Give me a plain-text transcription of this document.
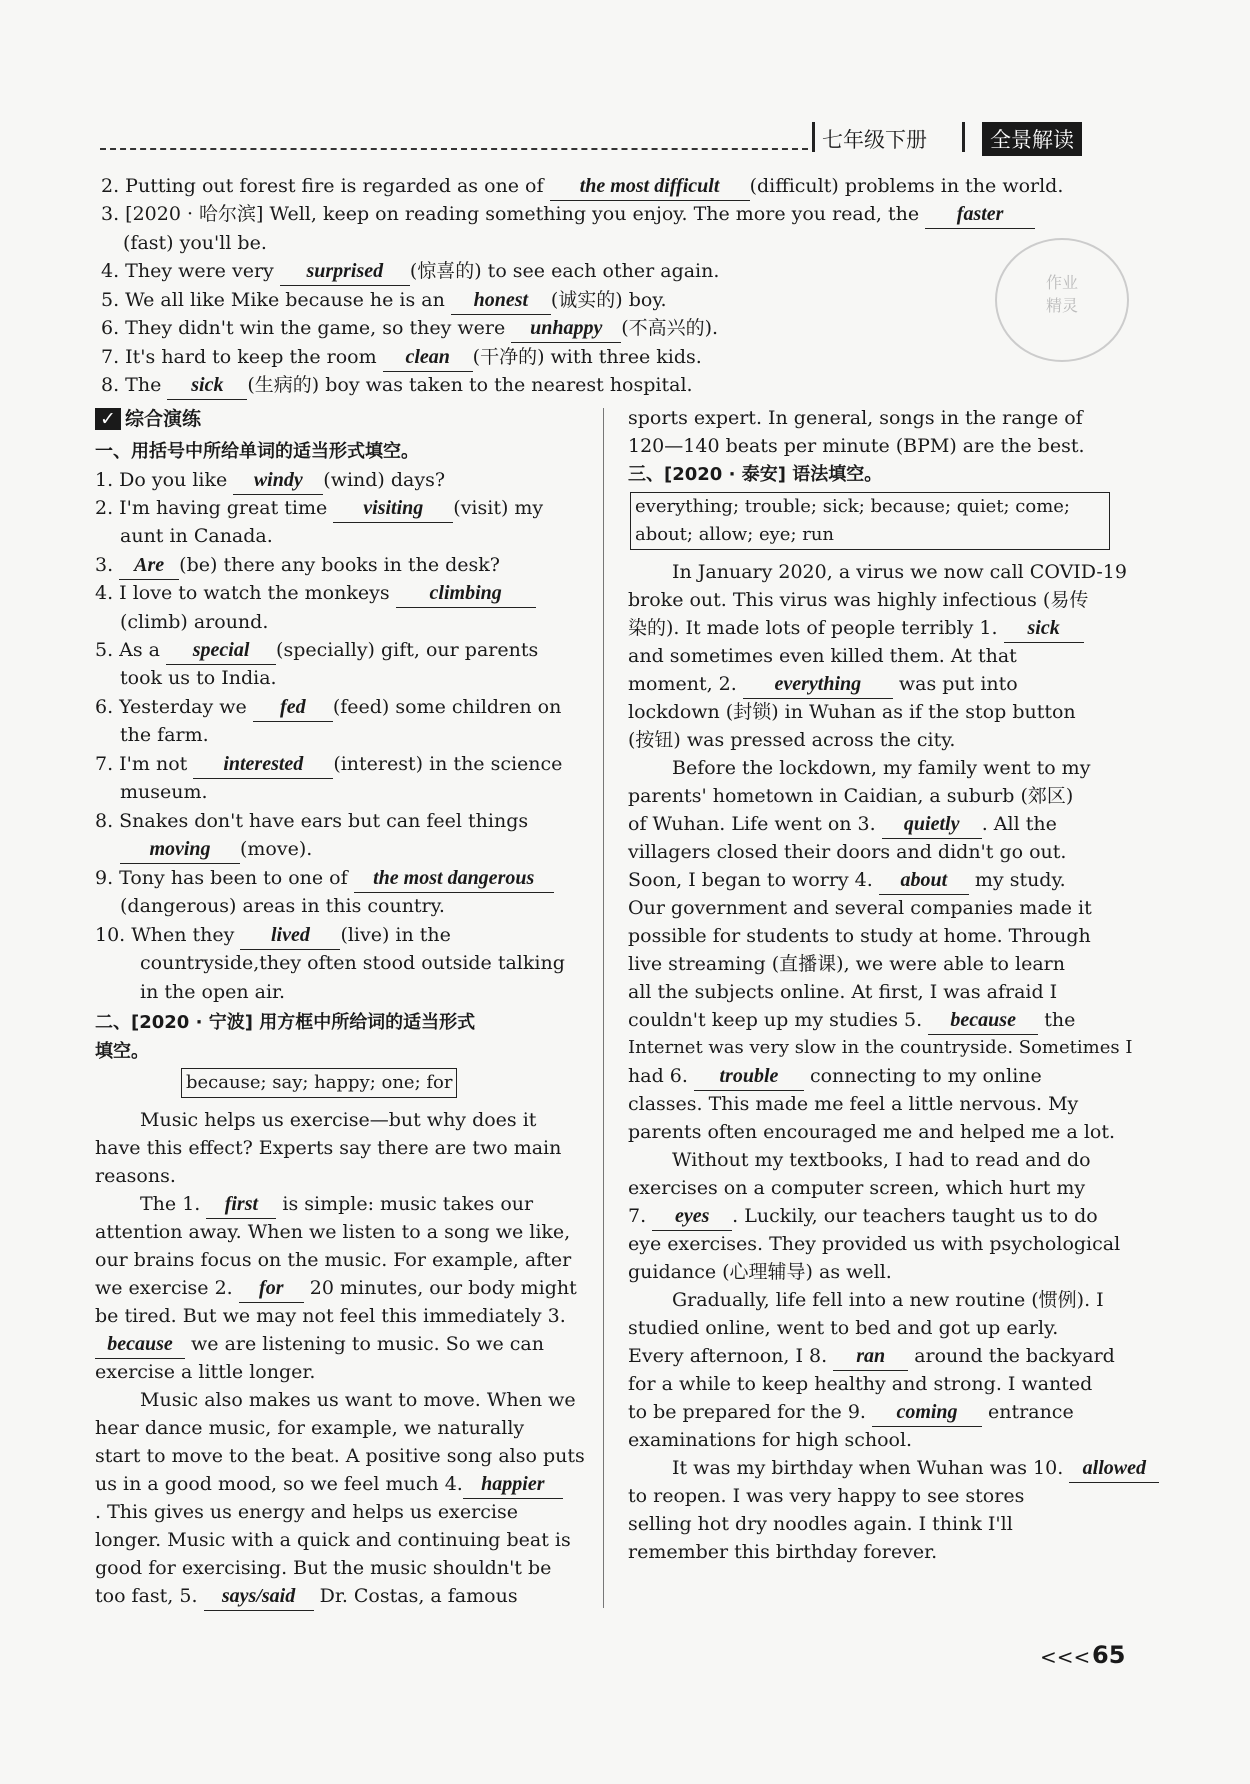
七年级下册	全景解读
作业
精灵
2. Putting out forest fire is regarded as one of the most difficult (difficult) problems in the world.
3. [2020 · 哈尔滨] Well, keep on reading something you enjoy. The more you read, the faster
(fast) you'll be.
4. They were very surprised (惊喜的) to see each other again.
5. We all like Mike because he is an honest (诚实的) boy.
6. They didn't win the game, so they were unhappy (不高兴的).
7. It's hard to keep the room clean (干净的) with three kids.
8. The sick (生病的) boy was taken to the nearest hospital.
✓ 综合演练
一、用括号中所给单词的适当形式填空。
1. Do you like windy (wind) days?
2. I'm having great time visiting (visit) my
aunt in Canada.
3. Are (be) there any books in the desk?
4. I love to watch the monkeys climbing
(climb) around.
5. As a special (specially) gift, our parents
took us to India.
6. Yesterday we fed (feed) some children on
the farm.
7. I'm not interested (interest) in the science
museum.
8. Snakes don't have ears but can feel things
moving (move).
9. Tony has been to one of the most dangerous
(dangerous) areas in this country.
10. When they lived (live) in the
countryside,they often stood outside talking
in the open air.
二、[2020 · 宁波] 用方框中所给词的适当形式
填空。
because; say; happy; one; for
Music helps us exercise—but why does it
have this effect? Experts say there are two main
reasons.
The 1. first is simple: music takes our
attention away. When we listen to a song we like,
our brains focus on the music. For example, after
we exercise 2. for 20 minutes, our body might
be tired. But we may not feel this immediately 3.
because we are listening to music. So we can
exercise a little longer.
Music also makes us want to move. When we
hear dance music, for example, we naturally
start to move to the beat. A positive song also puts
us in a good mood, so we feel much 4. happier
. This gives us energy and helps us exercise
longer. Music with a quick and continuing beat is
good for exercising. But the music shouldn't be
too fast, 5. says/said Dr. Costas, a famous
sports expert. In general, songs in the range of
120—140 beats per minute (BPM) are the best.
三、[2020 · 泰安] 语法填空。
everything; trouble; sick; because; quiet; come;
about; allow; eye; run
In January 2020, a virus we now call COVID-19
broke out. This virus was highly infectious (易传
染的). It made lots of people terribly 1. sick
and sometimes even killed them. At that
moment, 2. everything was put into
lockdown (封锁) in Wuhan as if the stop button
(按钮) was pressed across the city.
Before the lockdown, my family went to my
parents' hometown in Caidian, a suburb (郊区)
of Wuhan. Life went on 3. quietly . All the
villagers closed their doors and didn't go out.
Soon, I began to worry 4. about my study.
Our government and several companies made it
possible for students to study at home. Through
live streaming (直播课), we were able to learn
all the subjects online. At first, I was afraid I
couldn't keep up my studies 5. because the
Internet was very slow in the countryside. Sometimes I
had 6. trouble connecting to my online
classes. This made me feel a little nervous. My
parents often encouraged me and helped me a lot.
Without my textbooks, I had to read and do
exercises on a computer screen, which hurt my
7. eyes . Luckily, our teachers taught us to do
eye exercises. They provided us with psychological
guidance (心理辅导) as well.
Gradually, life fell into a new routine (惯例). I
studied online, went to bed and got up early.
Every afternoon, I 8. ran around the backyard
for a while to keep healthy and strong. I wanted
to be prepared for the 9. coming entrance
examinations for high school.
It was my birthday when Wuhan was 10. allowed
to reopen. I was very happy to see stores
selling hot dry noodles again. I think I'll
remember this birthday forever.
<<< 65
